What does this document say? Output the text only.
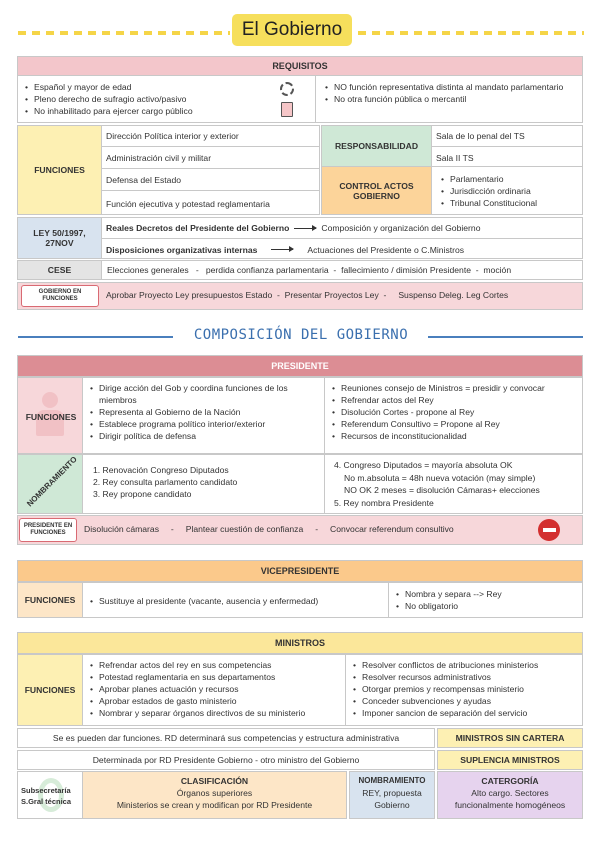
El Gobierno
REQUISITOS
• Español y mayor de edad
• Pleno derecho de sufragio activo/pasivo
• No inhabilitado para ejercer cargo público
• NO función representativa distinta al mandato parlamentario
• No otra función pública o mercantil
FUNCIONES
Dirección Política interior y exterior
Administración civil y militar
Defensa del Estado
Función ejecutiva y potestad reglamentaria
RESPONSABILIDAD
Sala de lo penal del TS
Sala II TS
CONTROL ACTOS GOBIERNO
• Parlamentario
• Jurisdicción ordinaria
• Tribunal Constitucional
LEY 50/1997, 27NOV
Reales Decretos del Presidente del Gobierno	Composición y organización del Gobierno
Disposiciones organizativas internas	Actuaciones del Presidente o C.Ministros
CESE	Elecciones generales   -   perdida confianza parlamentaria  -  fallecimiento / dimisión Presidente  -  moción
GOBIERNO EN FUNCIONES	Aprobar Proyecto Ley presupuestos Estado  -  Presentar Proyectos Ley  -     Suspenso Deleg. Leg Cortes
COMPOSICIÓN DEL GOBIERNO
PRESIDENTE
FUNCIONES
• Dirige acción del Gob y coordina funciones de los miembros
• Representa al Gobierno de la Nación
• Establece programa político interior/exterior
• Dirigir política de defensa
• Reuniones consejo de Ministros = presidir y convocar
• Refrendar actos del Rey
• Disolución Cortes - propone al Rey
• Referendum Consultivo = Propone al Rey
• Recursos de inconstitucionalidad
NOMBRAMIENTO	1. Renovación Congreso Diputados
2. Rey consulta parlamento candidato
3. Rey propone candidato
4. Congreso Diputados = mayoría absoluta OK
No m.absoluta = 48h nueva votación (may simple)
NO OK 2 meses = disolución Cámaras+ elecciones
5. Rey nombra Presidente
PRESIDENTE EN FUNCIONES	Disolución cámaras     -     Plantear cuestión de confianza     -     Convocar referendum consultivo
VICEPRESIDENTE
FUNCIONES
•	Sustituye al presidente (vacante, ausencia y enfermedad)
• Nombra y separa --> Rey
• No obligatorio
MINISTROS
FUNCIONES
• Refrendar actos del rey en sus competencias
• Potestad reglamentaria en sus departamentos
• Aprobar planes actuación y recursos
• Aprobar estados de gasto ministerio
• Nombrar y separar órganos directivos de su ministerio
• Resolver conflictos de atribuciones ministerios
• Resolver recursos administrativos
• Otorgar premios y recompensas ministerio
• Conceder subvenciones y ayudas
• Imponer sancion de separación del servicio
Se es pueden dar funciones. RD determinará sus competencias y estructura administrativa	MINISTROS SIN CARTERA
Determinada por RD Presidente Gobierno - otro ministro del Gobierno	SUPLENCIA MINISTROS
Subsecretaría
S.Gral técnica
CLASIFICACIÓN
Órganos superiores
Ministerios se crean y modifican por RD Presidente
NOMBRAMIENTO
REY, propuesta
Gobierno
CATERGORÍA
Alto cargo. Sectores
funcionalmente homogéneos
